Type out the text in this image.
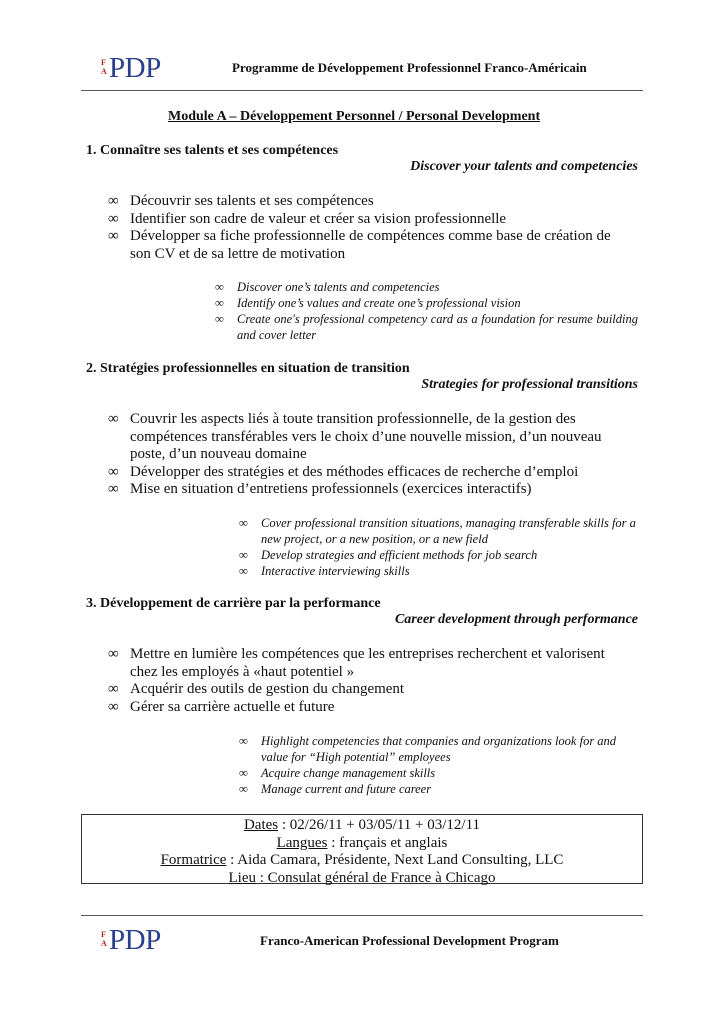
F A PDP	Programme de Développement Professionnel Franco-Américain
Module A – Développement Personnel / Personal Development
1. Connaître ses talents et ses compétences
Discover your talents and competencies
∞ Découvrir ses talents et ses compétences
∞ Identifier son cadre de valeur et créer sa vision professionnelle
∞ Développer sa fiche professionnelle de compétences comme base de création de son CV et de sa lettre de motivation
∞ Discover one’s talents and competencies
∞ Identify one’s values and create one’s professional vision
∞ Create one's professional competency card as a foundation for resume building and cover letter
2. Stratégies professionnelles en situation de transition
Strategies for professional transitions
∞ Couvrir les aspects liés à toute transition professionnelle, de la gestion des compétences transférables vers le choix d’une nouvelle mission, d’un nouveau poste, d’un nouveau domaine
∞ Développer des stratégies et des méthodes efficaces de recherche d’emploi
∞ Mise en situation d’entretiens professionnels (exercices interactifs)
∞ Cover professional transition situations, managing transferable skills for a new project, or a new position, or a new field
∞ Develop strategies and efficient methods for job search
∞ Interactive interviewing skills
3. Développement de carrière par la performance
Career development through performance
∞ Mettre en lumière les compétences que les entreprises recherchent et valorisent chez les employés à «haut potentiel »
∞ Acquérir des outils de gestion du changement
∞ Gérer sa carrière actuelle et future
∞ Highlight competencies that companies and organizations look for and value for “High potential” employees
∞ Acquire change management skills
∞ Manage current and future career
Dates : 02/26/11 + 03/05/11 + 03/12/11
Langues : français et anglais
Formatrice : Aida Camara, Présidente, Next Land Consulting, LLC
Lieu : Consulat général de France à Chicago
F A PDP	Franco-American Professional Development Program
